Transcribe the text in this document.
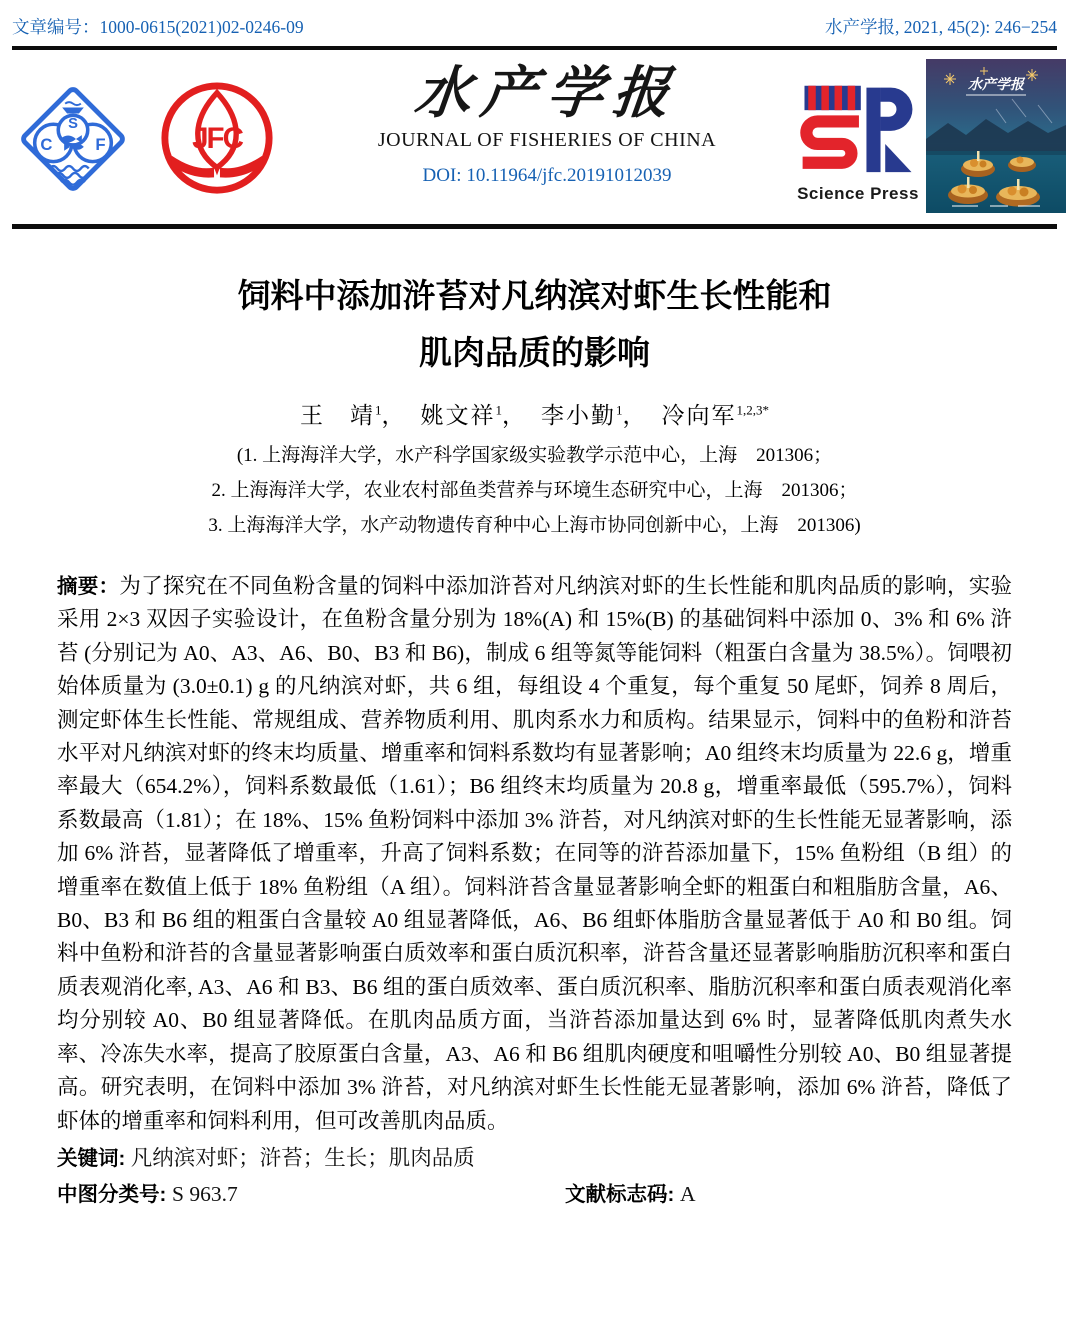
文章编号：1000-0615(2021)02-0246-09	水产学报, 2021, 45(2): 246−254
C
S
F	JFC
水产学报
JOURNAL OF FISHERIES OF CHINA
DOI: 10.11964/jfc.20191012039
Science Press
水产学报
饲料中添加浒苔对凡纳滨对虾生长性能和
肌肉品质的影响
王　靖$^1$， 姚文祥$^1$， 李小勤$^1$， 冷向军$^{1,2,3*}$
(1. 上海海洋大学，水产科学国家级实验教学示范中心，上海　201306；
2. 上海海洋大学，农业农村部鱼类营养与环境生态研究中心，上海　201306；
3. 上海海洋大学，水产动物遗传育种中心上海市协同创新中心，上海　201306)

摘要：为了探究在不同鱼粉含量的饲料中添加浒苔对凡纳滨对虾的生长性能和肌肉品质的影响，实验采用 2×3 双因子实验设计，在鱼粉含量分别为 18%(A) 和 15%(B) 的基础饲料中添加 0、3% 和 6% 浒苔 (分别记为 A0、A3、A6、B0、B3 和 B6)，制成 6 组等氮等能饲料（粗蛋白含量为 38.5%）。饲喂初始体质量为 (3.0±0.1) g 的凡纳滨对虾，共 6 组，每组设 4 个重复，每个重复 50 尾虾，饲养 8 周后，测定虾体生长性能、常规组成、营养物质利用、肌肉系水力和质构。结果显示，饲料中的鱼粉和浒苔水平对凡纳滨对虾的终末均质量、增重率和饲料系数均有显著影响；A0 组终末均质量为 22.6 g，增重率最大（654.2%），饲料系数最低（1.61）；B6 组终末均质量为 20.8 g，增重率最低（595.7%），饲料系数最高（1.81）；在 18%、15% 鱼粉饲料中添加 3% 浒苔，对凡纳滨对虾的生长性能无显著影响，添加 6% 浒苔，显著降低了增重率，升高了饲料系数；在同等的浒苔添加量下，15% 鱼粉组（B 组）的增重率在数值上低于 18% 鱼粉组（A 组）。饲料浒苔含量显著影响全虾的粗蛋白和粗脂肪含量，A6、B0、B3 和 B6 组的粗蛋白含量较 A0 组显著降低，A6、B6 组虾体脂肪含量显著低于 A0 和 B0 组。饲料中鱼粉和浒苔的含量显著影响蛋白质效率和蛋白质沉积率，浒苔含量还显著影响脂肪沉积率和蛋白质表观消化率, A3、A6 和 B3、B6 组的蛋白质效率、蛋白质沉积率、脂肪沉积率和蛋白质表观消化率均分别较 A0、B0 组显著降低。在肌肉品质方面，当浒苔添加量达到 6% 时，显著降低肌肉煮失水率、冷冻失水率，提高了胶原蛋白含量，A3、A6 和 B6 组肌肉硬度和咀嚼性分别较 A0、B0 组显著提高。研究表明，在饲料中添加 3% 浒苔，对凡纳滨对虾生长性能无显著影响，添加 6% 浒苔，降低了虾体的增重率和饲料利用，但可改善肌肉品质。

关键词: 凡纳滨对虾；浒苔；生长；肌肉品质

中图分类号: S 963.7	文献标志码: A
